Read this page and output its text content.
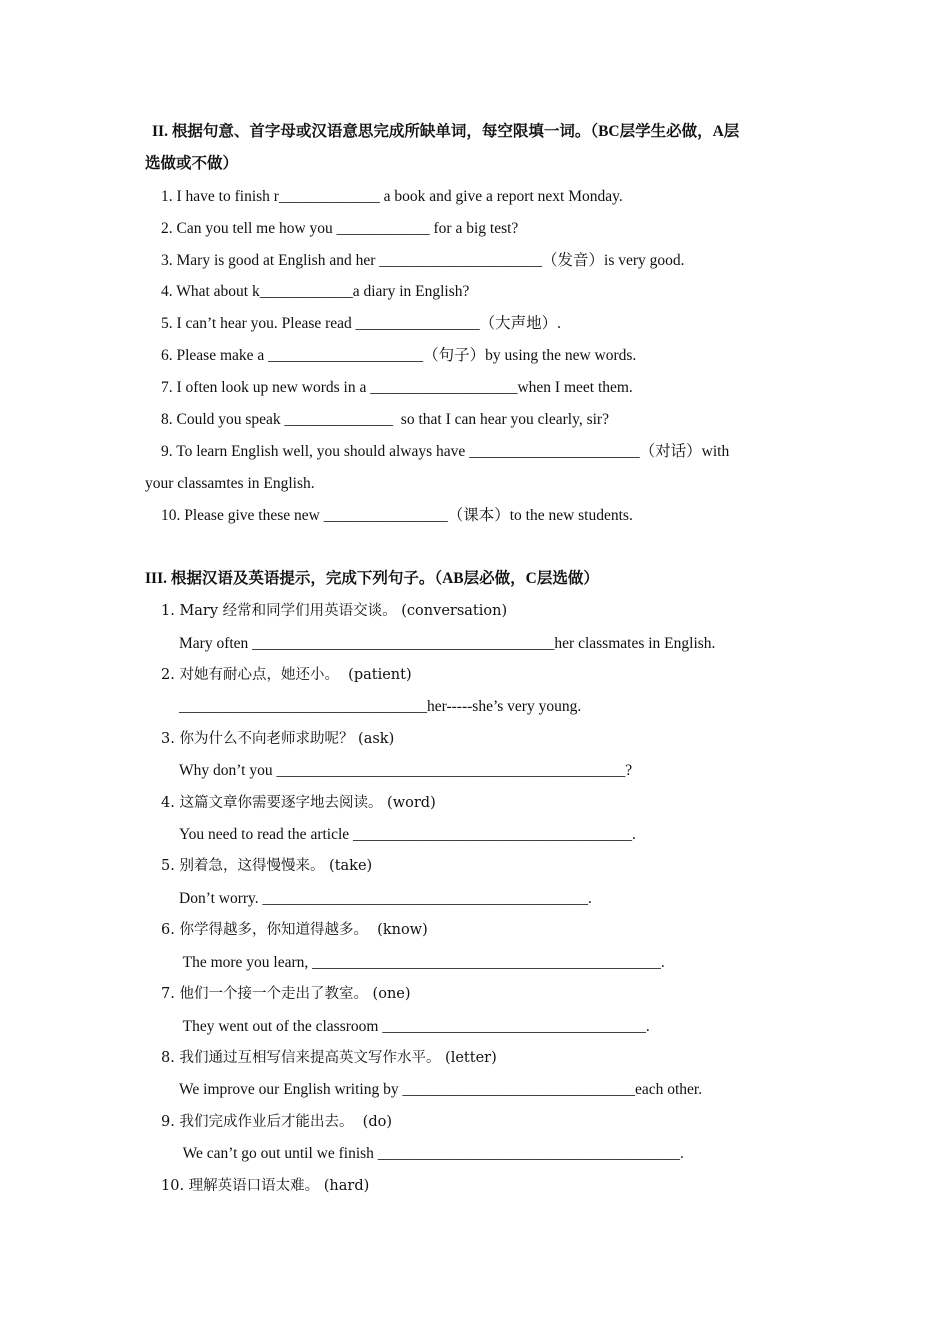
II. 根据句意、首字母或汉语意思完成所缺单词，每空限填一词。（BC层学生必做，A层
选做或不做）
1. I have to finish r_____________ a book and give a report next Monday.
2. Can you tell me how you ____________ for a big test?
3. Mary is good at English and her _____________________（发音）is very good.
4. What about k____________a diary in English?
5. I can’t hear you. Please read ________________（大声地）.
6. Please make a ____________________（句子）by using the new words.
7. I often look up new words in a ___________________when I meet them.
8. Could you speak ______________  so that I can hear you clearly, sir?
9. To learn English well, you should always have ______________________（对话）with
your classamtes in English.
10. Please give these new ________________（课本）to the new students.
III. 根据汉语及英语提示，完成下列句子。（AB层必做，C层选做）
1. Mary 经常和同学们用英语交谈。 (conversation)
Mary often _______________________________________her classmates in English.
2. 对她有耐心点，她还小。  (patient)
________________________________her-----she’s very young.
3. 你为什么不向老师求助呢？ (ask)
Why don’t you _____________________________________________?
4. 这篇文章你需要逐字地去阅读。 (word)
You need to read the article ____________________________________.
5. 别着急，这得慢慢来。 (take)
Don’t worry. __________________________________________.
6. 你学得越多，你知道得越多。  (know)
The more you learn, _____________________________________________.
7. 他们一个接一个走出了教室。 (one)
They went out of the classroom __________________________________.
8. 我们通过互相写信来提高英文写作水平。 (letter)
We improve our English writing by ______________________________each other.
9. 我们完成作业后才能出去。  (do)
We can’t go out until we finish _______________________________________.
10. 理解英语口语太难。 (hard)
